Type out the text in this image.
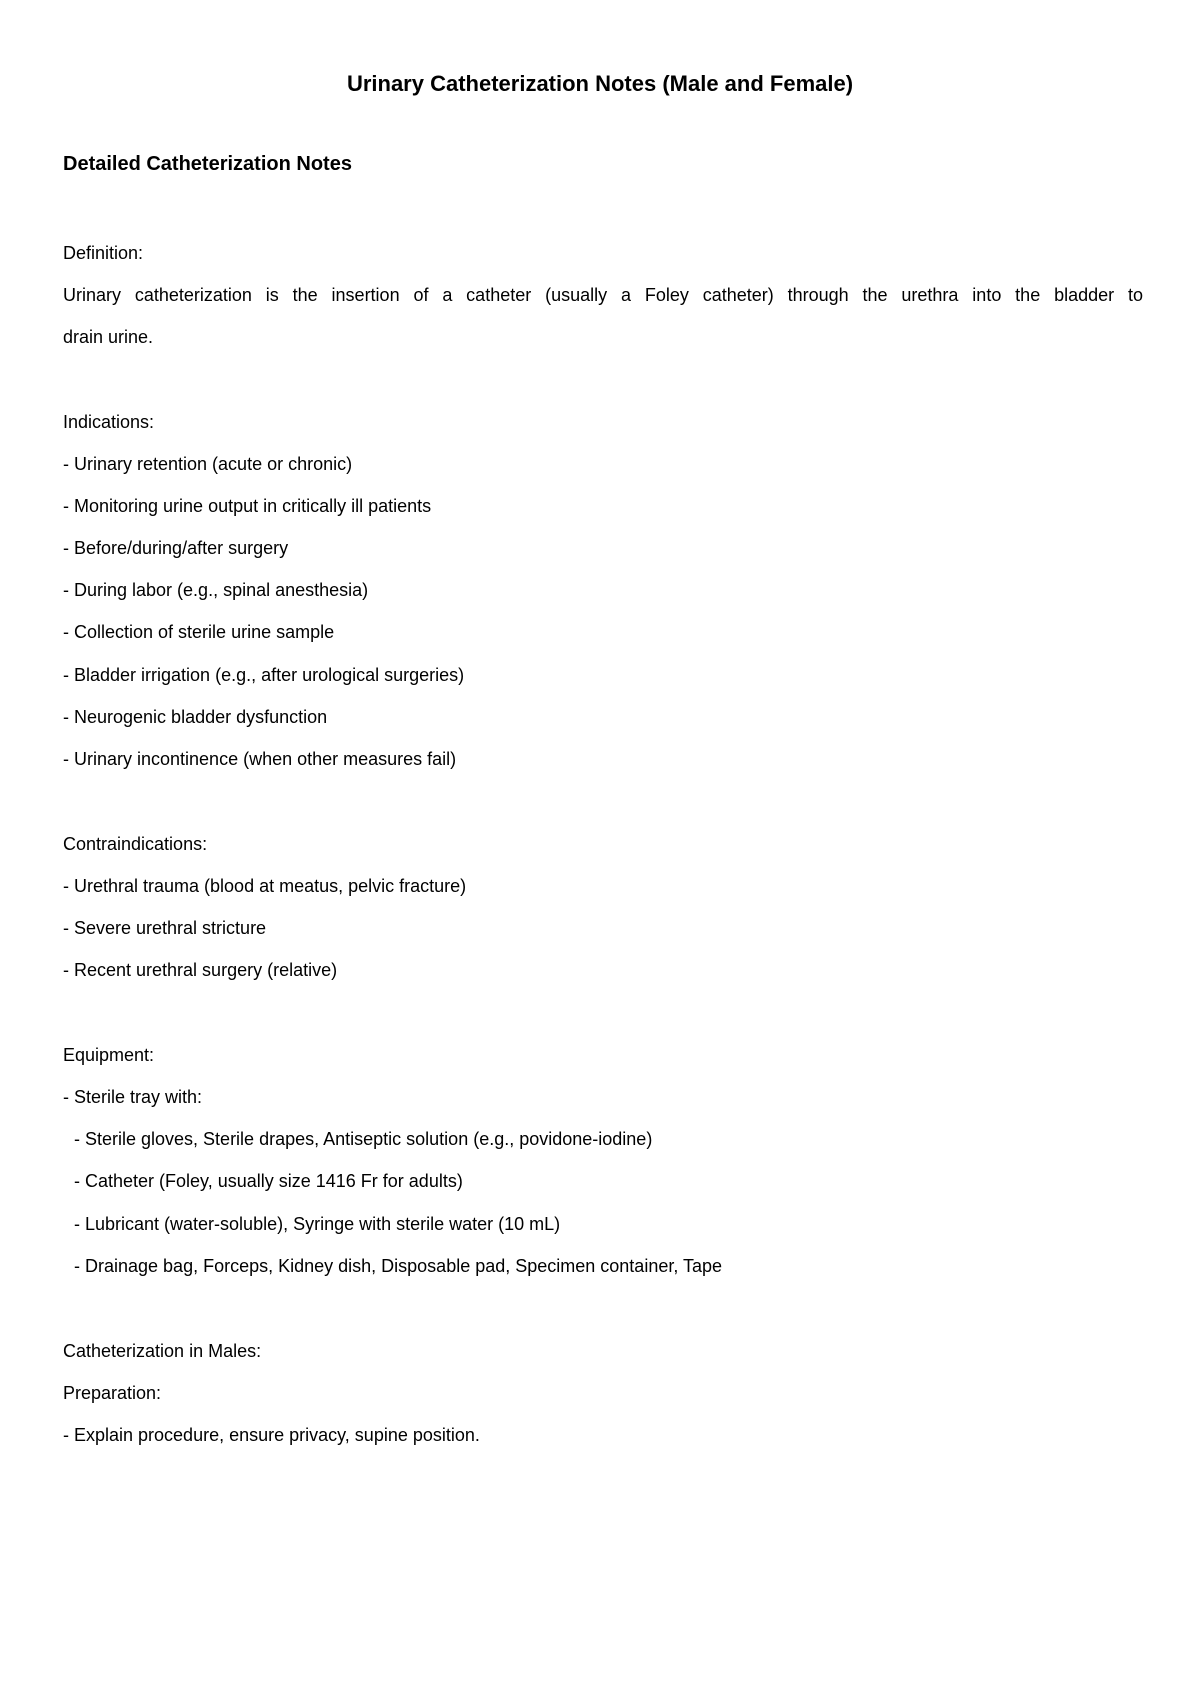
Urinary Catheterization Notes (Male and Female)
Detailed Catheterization Notes
Definition:
Urinary catheterization is the insertion of a catheter (usually a Foley catheter) through the urethra into the bladder to
drain urine.
Indications:
- Urinary retention (acute or chronic)
- Monitoring urine output in critically ill patients
- Before/during/after surgery
- During labor (e.g., spinal anesthesia)
- Collection of sterile urine sample
- Bladder irrigation (e.g., after urological surgeries)
- Neurogenic bladder dysfunction
- Urinary incontinence (when other measures fail)
Contraindications:
- Urethral trauma (blood at meatus, pelvic fracture)
- Severe urethral stricture
- Recent urethral surgery (relative)
Equipment:
- Sterile tray with:
- Sterile gloves, Sterile drapes, Antiseptic solution (e.g., povidone-iodine)
- Catheter (Foley, usually size 1416 Fr for adults)
- Lubricant (water-soluble), Syringe with sterile water (10 mL)
- Drainage bag, Forceps, Kidney dish, Disposable pad, Specimen container, Tape
Catheterization in Males:
Preparation:
- Explain procedure, ensure privacy, supine position.
